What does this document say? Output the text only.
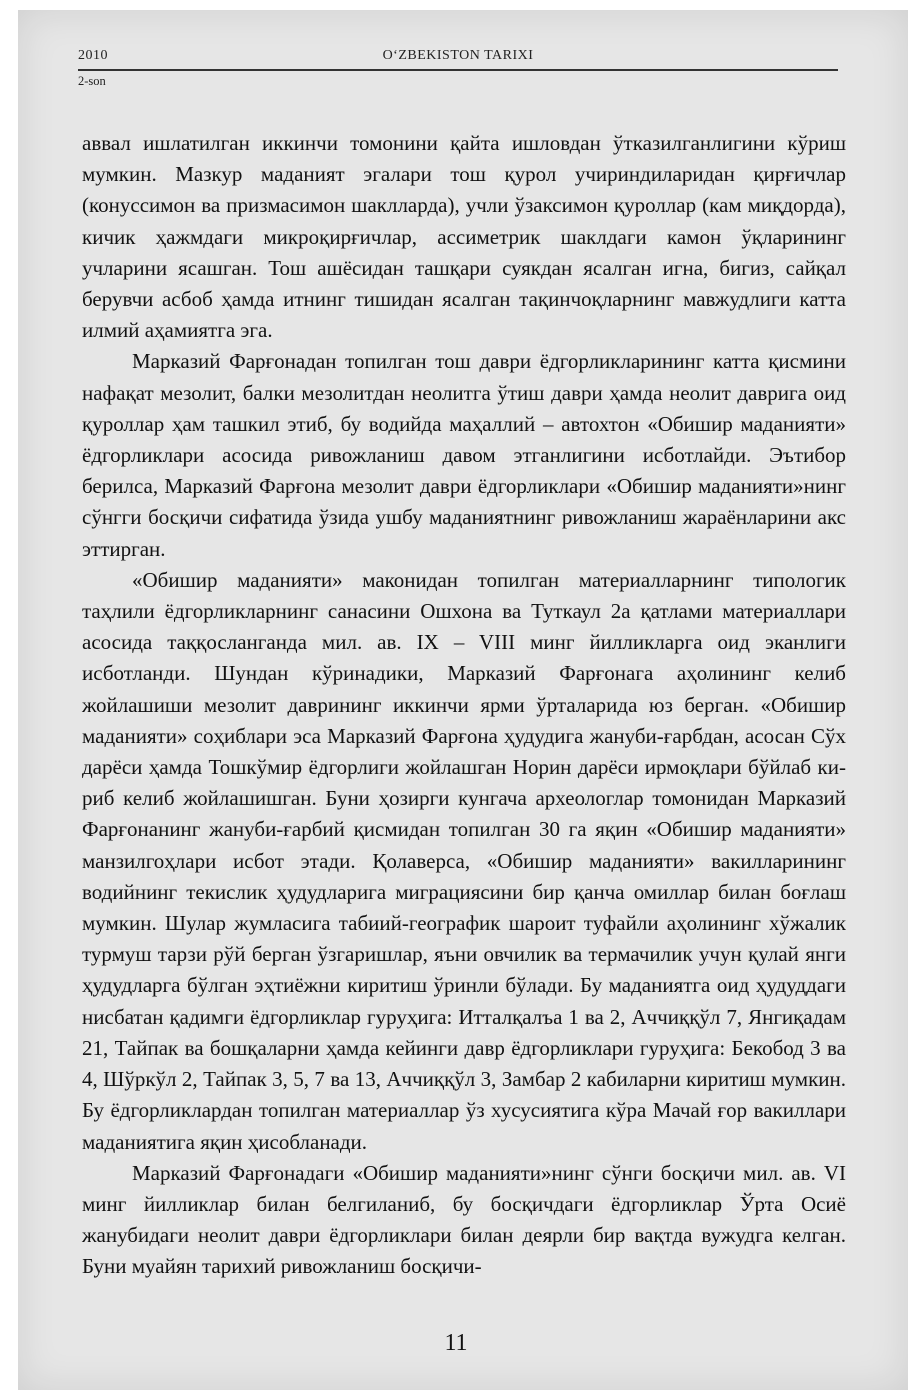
2010	O‘ZBEKISTON TARIXI
2-son

аввал ишлатилган иккинчи томонини қайта ишловдан ўтказилганлигини кўриш мумкин. Мазкур маданият эгалари тош қурол учириндиларидан қирғичлар (конуссимон ва призмасимон шаклларда), учли ўзаксимон қуроллар (кам миқдорда), кичик ҳажмдаги микроқирғичлар, ассиметрик шаклдаги камон ўқларининг учларини ясашган. Тош ашёсидан ташқари суякдан ясалган игна, бигиз, сайқал берувчи асбоб ҳамда итнинг тишидан ясалган тақинчоқларнинг мавжудлиги катта илмий аҳамиятга эга.

Марказий Фарғонадан топилган тош даври ёдгорликларининг катта қисмини нафақат мезолит, балки мезолитдан неолитга ўтиш даври ҳамда неолит даврига оид қуроллар ҳам ташкил этиб, бу водийда маҳаллий – автохтон «Обишир маданияти» ёдгорликлари асосида ривожланиш давом этганлигини исботлайди. Эътибор берилса, Марказий Фарғона мезолит даври ёдгорликлари «Обишир маданияти»нинг сўнгги босқичи сифатида ўзида ушбу маданиятнинг ривожланиш жараёнларини акс эттирган.

«Обишир маданияти» маконидан топилган материалларнинг типологик таҳлили ёдгорликларнинг санасини Ошхона ва Туткаул 2а қатлами материаллари асосида таққосланганда мил. ав. IX – VIII минг йилликларга оид эканлиги исботланди. Шундан кўринадики, Марказий Фарғонага аҳолининг келиб жойлашиши мезолит даврининг иккинчи ярми ўрталарида юз берган. «Обишир маданияти» соҳиблари эса Марказий Фарғона ҳудудига жануби-ғарбдан, асосан Сўх дарёси ҳамда Тошкўмир ёдгорлиги жойлашган Норин дарёси ирмоқлари бўйлаб кириб келиб жойлашишган. Буни ҳозирги кунгача археологлар томонидан Марказий Фарғонанинг жануби-ғарбий қисмидан топилган 30 га яқин «Обишир маданияти» манзилгоҳлари исбот этади. Қолаверса, «Обишир маданияти» вакилларининг водийнинг текислик ҳудудларига миграциясини бир қанча омиллар билан боғлаш мумкин. Шулар жумласига табиий-географик шароит туфайли аҳолининг хўжалик турмуш тарзи рўй берган ўзгаришлар, яъни овчилик ва термачилик учун қулай янги ҳудудларга бўлган эҳтиёжни киритиш ўринли бўлади. Бу маданиятга оид ҳудуддаги нисбатан қадимги ёдгорликлар гуруҳига: Итталқалъа 1 ва 2, Аччиққўл 7, Янгиқадам 21, Тайпак ва бошқаларни ҳамда кейинги давр ёдгорликлари гуруҳига: Бекобод 3 ва 4, Шўркўл 2, Тайпак 3, 5, 7 ва 13, Аччиққўл 3, Замбар 2 кабиларни киритиш мумкин. Бу ёдгорликлардан топилган материаллар ўз хусусиятига кўра Мачай ғор вакиллари маданиятига яқин ҳисобланади.

Марказий Фарғонадаги «Обишир маданияти»нинг сўнги босқичи мил. ав. VI минг йилликлар билан белгиланиб, бу босқичдаги ёдгорликлар Ўрта Осиё жанубидаги неолит даври ёдгорликлари билан деярли бир вақтда вужудга келган. Буни муайян тарихий ривожланиш босқичи-

11
